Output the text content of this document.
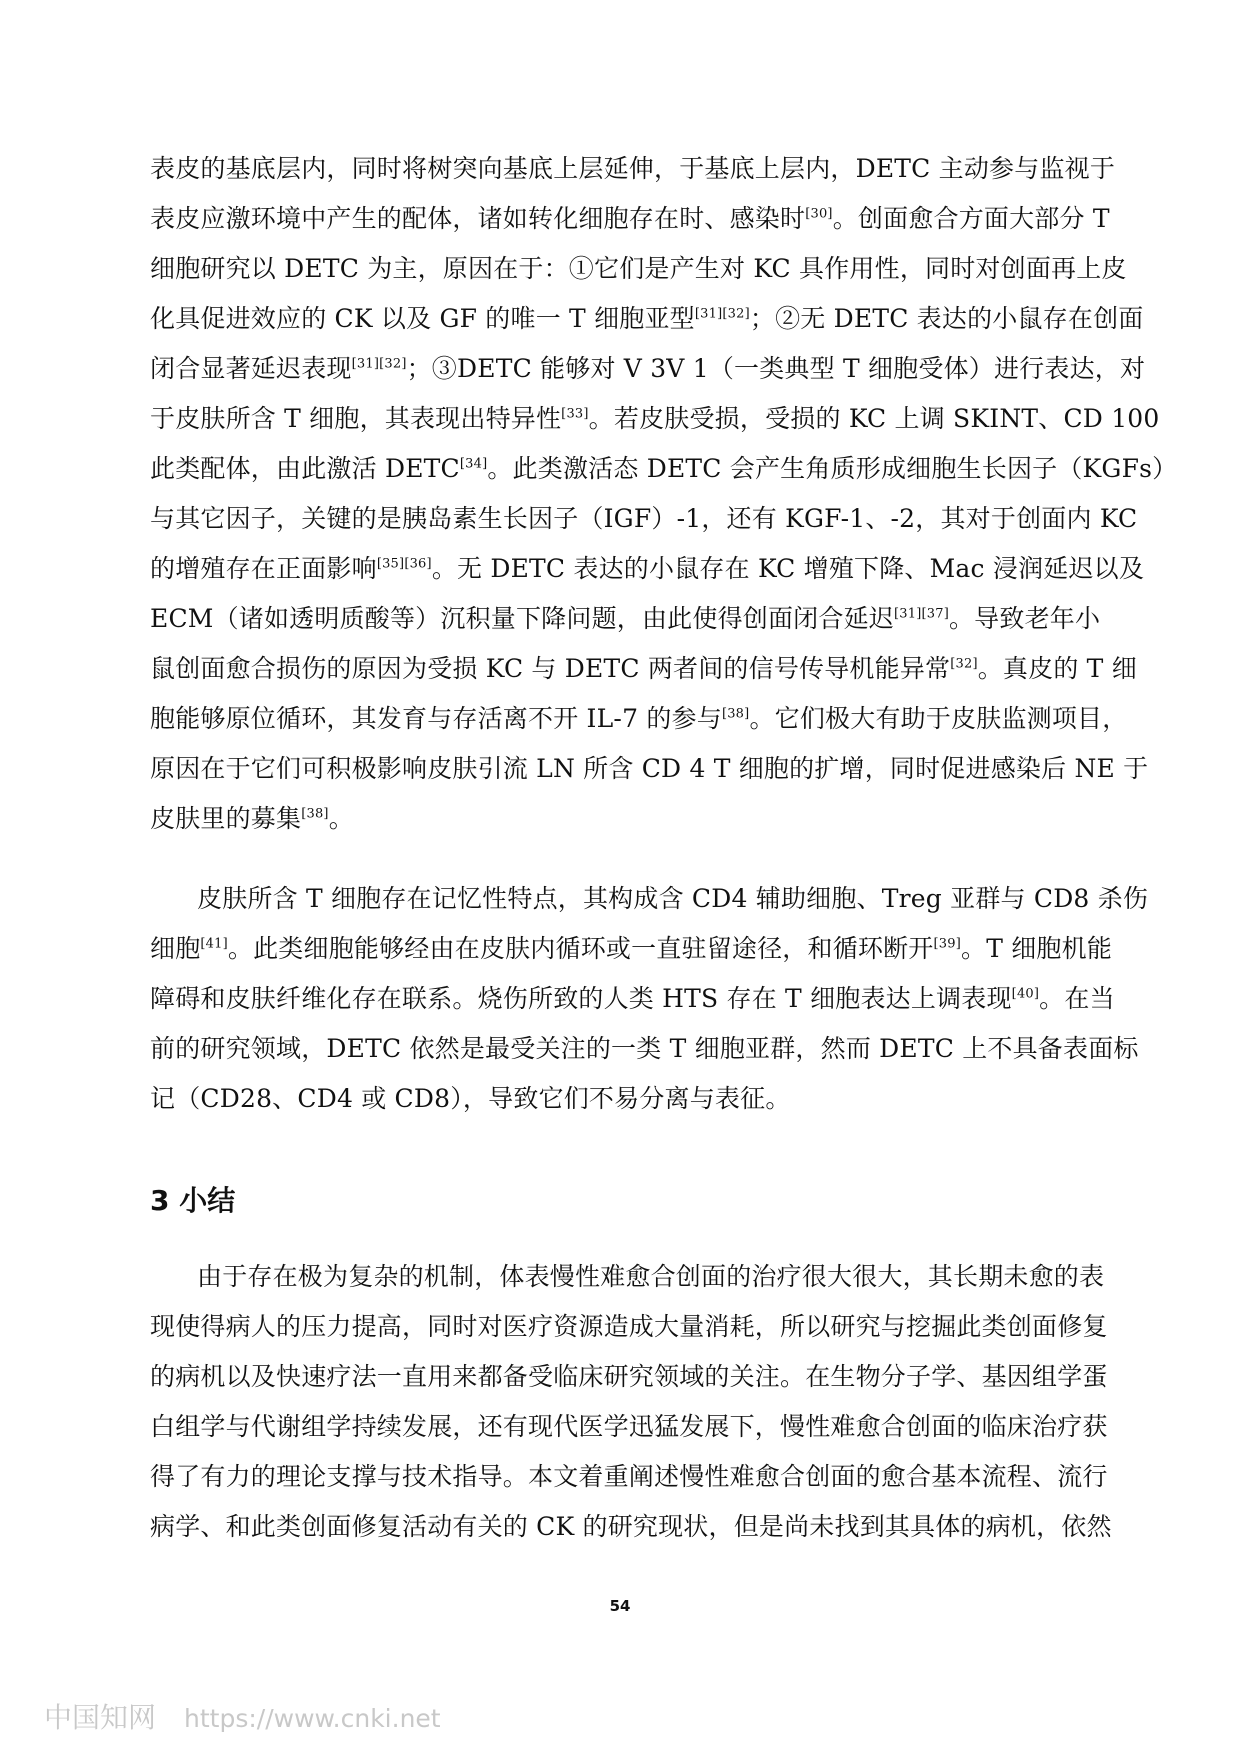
表皮的基底层内，同时将树突向基底上层延伸，于基底上层内，DETC 主动参与监视于
表皮应激环境中产生的配体，诸如转化细胞存在时、感染时[30]。创面愈合方面大部分 T
细胞研究以 DETC 为主，原因在于：①它们是产生对 KC 具作用性，同时对创面再上皮
化具促进效应的 CK 以及 GF 的唯一 T 细胞亚型[31][32]；②无 DETC 表达的小鼠存在创面
闭合显著延迟表现[31][32]；③DETC 能够对 V 3V 1（一类典型 T 细胞受体）进行表达，对
于皮肤所含 T 细胞，其表现出特异性[33]。若皮肤受损，受损的 KC 上调 SKINT、CD 100
此类配体，由此激活 DETC[34]。此类激活态 DETC 会产生角质形成细胞生长因子（KGFs）
与其它因子，关键的是胰岛素生长因子（IGF）-1，还有 KGF-1、-2，其对于创面内 KC
的增殖存在正面影响[35][36]。无 DETC 表达的小鼠存在 KC 增殖下降、Mac 浸润延迟以及
ECM（诸如透明质酸等）沉积量下降问题，由此使得创面闭合延迟[31][37]。导致老年小
鼠创面愈合损伤的原因为受损 KC 与 DETC 两者间的信号传导机能异常[32]。真皮的 T 细
胞能够原位循环，其发育与存活离不开 IL-7 的参与[38]。它们极大有助于皮肤监测项目，
原因在于它们可积极影响皮肤引流 LN 所含 CD 4 T 细胞的扩增，同时促进感染后 NE 于
皮肤里的募集[38]。
皮肤所含 T 细胞存在记忆性特点，其构成含 CD4 辅助细胞、Treg 亚群与 CD8 杀伤
细胞[41]。此类细胞能够经由在皮肤内循环或一直驻留途径，和循环断开[39]。T 细胞机能
障碍和皮肤纤维化存在联系。烧伤所致的人类 HTS 存在 T 细胞表达上调表现[40]。在当
前的研究领域，DETC 依然是最受关注的一类 T 细胞亚群，然而 DETC 上不具备表面标
记（CD28、CD4 或 CD8），导致它们不易分离与表征。
3 小结
由于存在极为复杂的机制，体表慢性难愈合创面的治疗很大很大，其长期未愈的表
现使得病人的压力提高，同时对医疗资源造成大量消耗，所以研究与挖掘此类创面修复
的病机以及快速疗法一直用来都备受临床研究领域的关注。在生物分子学、基因组学蛋
白组学与代谢组学持续发展，还有现代医学迅猛发展下，慢性难愈合创面的临床治疗获
得了有力的理论支撑与技术指导。本文着重阐述慢性难愈合创面的愈合基本流程、流行
病学、和此类创面修复活动有关的 CK 的研究现状，但是尚未找到其具体的病机，依然
54
中国知网 https://www.cnki.net
